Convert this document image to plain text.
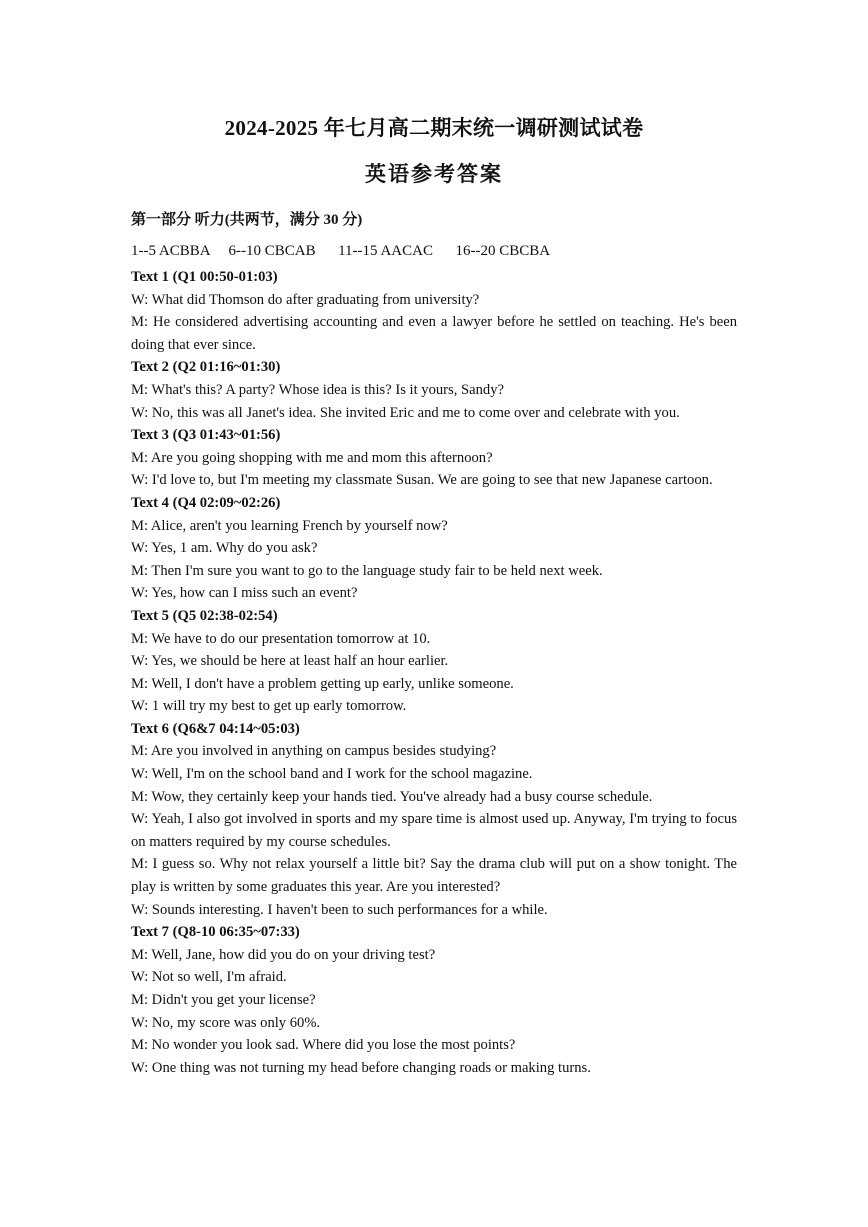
2024-2025 年七月高二期末统一调研测试试卷
英语参考答案
第一部分 听力(共两节，满分 30 分)
1--5 ACBBA     6--10 CBCAB      11--15 AACAC      16--20 CBCBA
Text 1 (Q1 00:50-01:03)
W: What did Thomson do after graduating from university?
M: He considered advertising accounting and even a lawyer before he settled on teaching. He's been doing that ever since.
Text 2 (Q2 01:16~01:30)
M: What's this? A party? Whose idea is this? Is it yours, Sandy?
W: No, this was all Janet's idea. She invited Eric and me to come over and celebrate with you.
Text 3 (Q3 01:43~01:56)
M: Are you going shopping with me and mom this afternoon?
W: I'd love to, but I'm meeting my classmate Susan. We are going to see that new Japanese cartoon.
Text 4 (Q4 02:09~02:26)
M: Alice, aren't you learning French by yourself now?
W: Yes, 1 am. Why do you ask?
M: Then I'm sure you want to go to the language study fair to be held next week.
W: Yes, how can I miss such an event?
Text 5 (Q5 02:38-02:54)
M: We have to do our presentation tomorrow at 10.
W: Yes, we should be here at least half an hour earlier.
M: Well, I don't have a problem getting up early, unlike someone.
W: 1 will try my best to get up early tomorrow.
Text 6 (Q6&7 04:14~05:03)
M: Are you involved in anything on campus besides studying?
W: Well, I'm on the school band and I work for the school magazine.
M: Wow, they certainly keep your hands tied. You've already had a busy course schedule.
W: Yeah, I also got involved in sports and my spare time is almost used up. Anyway, I'm trying to focus on matters required by my course schedules.
M: I guess so. Why not relax yourself a little bit? Say the drama club will put on a show tonight. The play is written by some graduates this year. Are you interested?
W: Sounds interesting. I haven't been to such performances for a while.
Text 7 (Q8-10 06:35~07:33)
M: Well, Jane, how did you do on your driving test?
W: Not so well, I'm afraid.
M: Didn't you get your license?
W: No, my score was only 60%.
M: No wonder you look sad. Where did you lose the most points?
W: One thing was not turning my head before changing roads or making turns.
